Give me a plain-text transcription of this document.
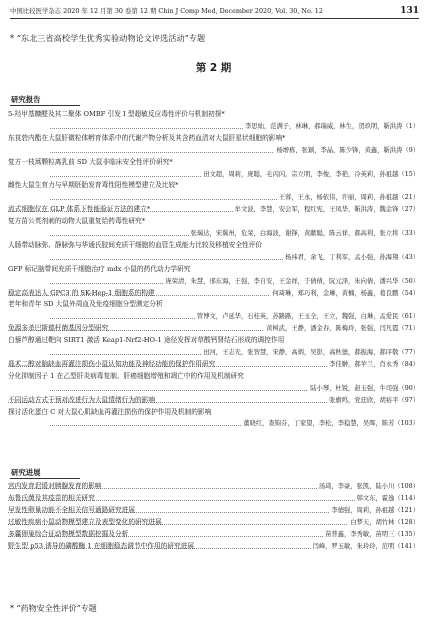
中国比较医学杂志 2020 年 12 月第 30 卷第 12 期 Chin J Comp Med, December 2020, Vol. 30, No. 12	131
* “东北三省高校学生优秀实验动物论文评选活动”专题
第 2 期
研究报告
5-羟甲基糠醛及其二聚体 OMBF 引发 I 型超敏反应毒性评价与机制初探*
李思灿，范满子，林琳，郝瑞威，林生，贺玖明，靳洪涛（1）
东莨菪内酯在大鼠肝微粒体孵育体系中的代谢产物分析及其含药血清对大鼠肝星状细胞的影响*
杨增栋，张颖，李晶，陈少锋，黄鑫，靳洪涛（9）
复方一枝蒿颗粒离乳前 SD 大鼠非临床安全性评价研究*
田文超，周莉，庞聪，毛闪闪，宗立明，李俊，李艳，冷英莉，孙祖越（15）
雌性大鼠生育力与早期胚胎发育毒性阳性模型建立及比较*
王蓉，王永，杨依伟，许丽，周莉，孙祖越（21）
流式细胞仪在 GLP 体系下性能验证方法的建立*	牟文波，李慧，安会军，程红宪，王凤华，靳洪涛，魏金锋（27）
复方苗公英剂刺的动物大鼠重复给药毒性研究*
张瑞达，宋翼州，危荣，白海波，谢锋，黄献聪，陈云祥，郝高利，张立将（33）
人肠带动脉弥、静脉弥与华通氏胶间充质干细胞的血管生成能力比较及移植安全性评价
杨祎君，余飞，丁利军，孟小强，孙海翔（43）
GFP 标记脑带间充质干细胞治疗 mdx 小鼠的药代动力学研究
庞荣清，朱慧，邢东海，王强，李自安，王金祥，于倩倩，阮元泽，朱向倩，潘兴华（50）
稳定高表达人 GPC3 的 SK-Hep-1 细胞系的构建	何琦琳，郑巧利，金琳，黄楠，杨鑫，葛良鹏（54）
老年和青年 SD 大鼠外周血及免疫细胞分型测定分析
管博文，卢延华，石桂英，苏路路，王玉全，王立，魏强，白琳，孟爱民（61）
兔源多杀巴斯德杆菌基因分型研究	黄树武，王静，潘金春，陈梅玲，张强，闫凡霞（71）
白藜芦醇通过靶向 SIRT1 激活 Keap1-Nrf2-HO-1 途径发挥对草酸钙肾结石形成的调控作用
田河，王志光，张智慧，宋静，高炳，吴影，高秋德，郝振海，郝序敬（77）
栽术二醇对脑缺血再灌注损伤小鼠认知功能及神经功能的保护作用研究	李佳翀，郝苹兰，肖永秀（84）
分化抑制因子 1 在乙型肝炎病毒复制、肝癌细胞增殖和凋亡中的作用及机制研究
陆小琴，杜锐，赵玉强，牛司强（90）
不同运动方式干预对改进行为大鼠情绪行为的影响	张旗鸣，党廷欣，胡裕平（97）
探讨活化蛋白 C 对大鼠心肌缺血再灌注损伤的保护作用及机制的影响
董晓红，查锦芬，丁家望，李松，李稳慧，吴晖，陈芳（103）
研究进展
宫内发育迟缓对胰腺发育的影响	汤琦，李豪，张凯，陆小川（108）
布鲁氏菌及其疫苗的相关研究	韩文东，霍逸（114）
早发性卵巢功能不全相关信号通路研究进展	李德强，周莉，孙祖越（121）
过敏性疾病小鼠动物模型建立及表型变化的研究进展	白梦天，胡竹林（128）
多囊卵巢综合征动物模型数据挖掘及分析	苗普鑫，李秀敏，苗明三（135）
野生型 p53 诱导的磷酸酶 1 在细胞稳态调节中作用的研究进展	闫峰，罗玉敏，朱玲玲，范明（141）
* “药物安全性评价”专题
